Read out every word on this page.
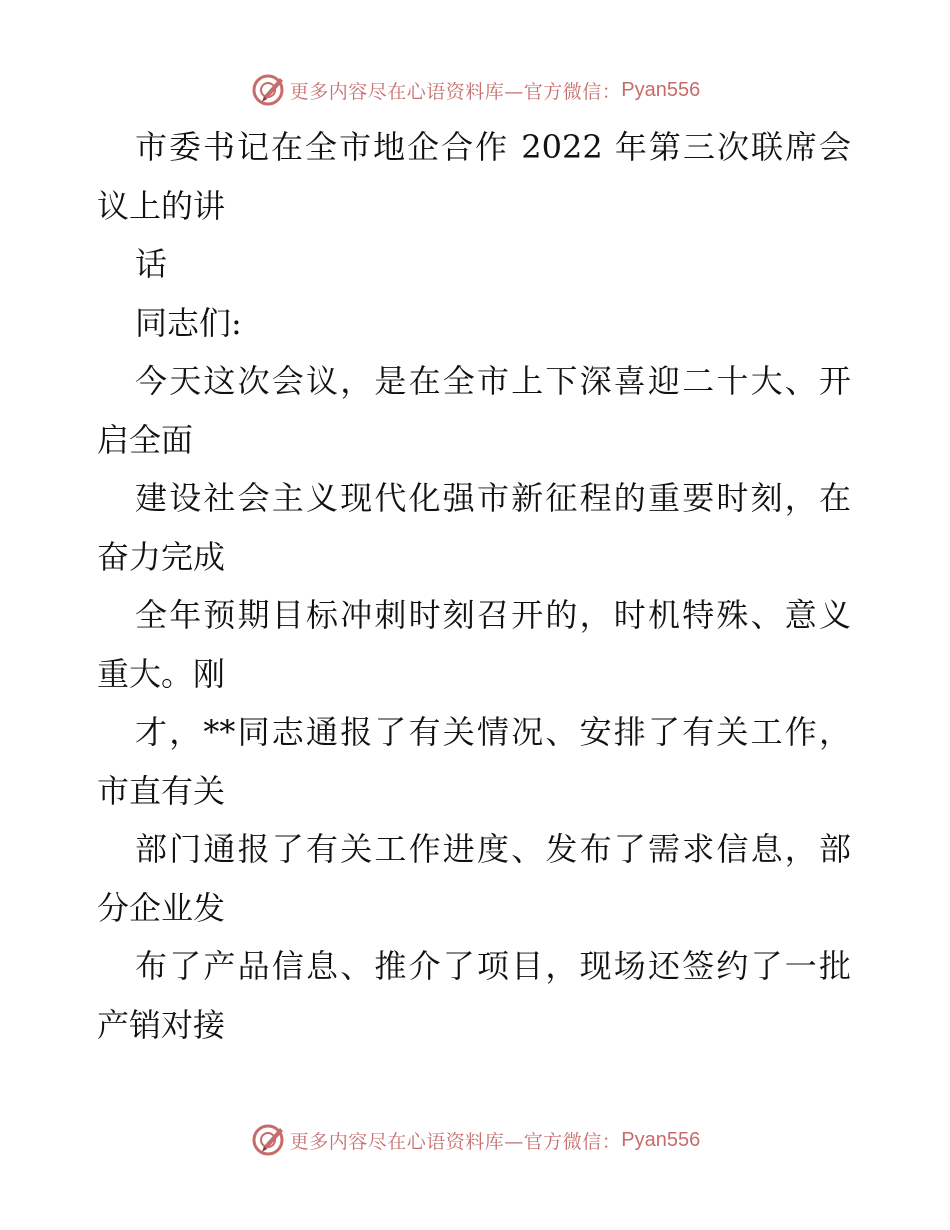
更多内容尽在心语资料库—官方微信： Pyan556
市委书记在全市地企合作 2022 年第三次联席会
议上的讲
话
同志们:
今天这次会议，是在全市上下深喜迎二十大、开
启全面
建设社会主义现代化强市新征程的重要时刻，在
奋力完成
全年预期目标冲刺时刻召开的，时机特殊、意义
重大。刚
才，**同志通报了有关情况、安排了有关工作，
市直有关
部门通报了有关工作进度、发布了需求信息，部
分企业发
布了产品信息、推介了项目，现场还签约了一批
产销对接
更多内容尽在心语资料库—官方微信： Pyan556
